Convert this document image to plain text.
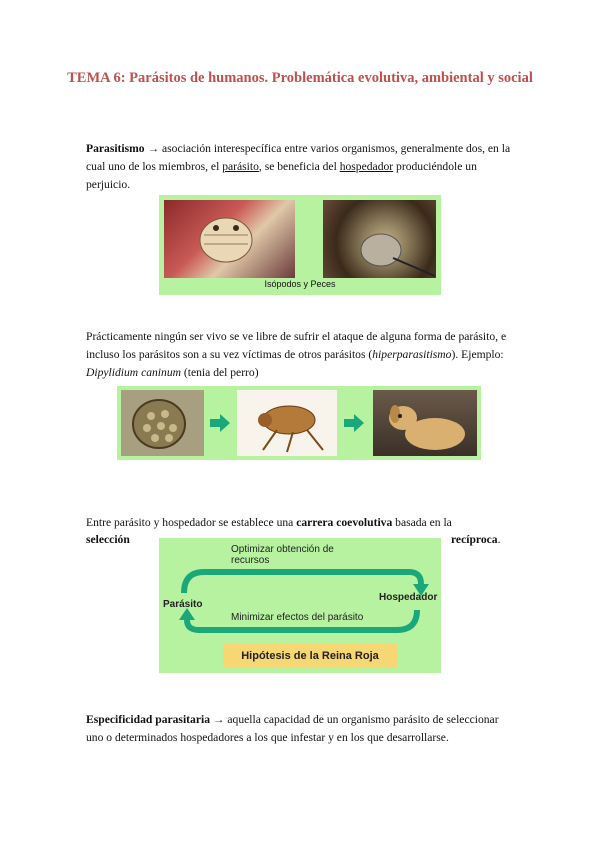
TEMA 6: Parásitos de humanos. Problemática evolutiva, ambiental y social
Parasitismo → asociación interespecífica entre varios organismos, generalmente dos, en la cual uno de los miembros, el parásito, se beneficia del hospedador produciéndole un perjuicio.
Isópodos y Peces
Prácticamente ningún ser vivo se ve libre de sufrir el ataque de alguna forma de parásito, e incluso los parásitos son a su vez víctimas de otros parásitos (hiperparasitismo). Ejemplo: Dipylidium caninum (tenia del perro)
Entre parásito y hospedador se establece una carrera coevolutiva basada en la
selección	recíproca.
Optimizar obtención de recursos
Parásito
Hospedador
Minimizar efectos del parásito
Hipótesis de la Reina Roja
Especificidad parasitaria → aquella capacidad de un organismo parásito de seleccionar uno o determinados hospedadores a los que infestar y en los que desarrollarse.
